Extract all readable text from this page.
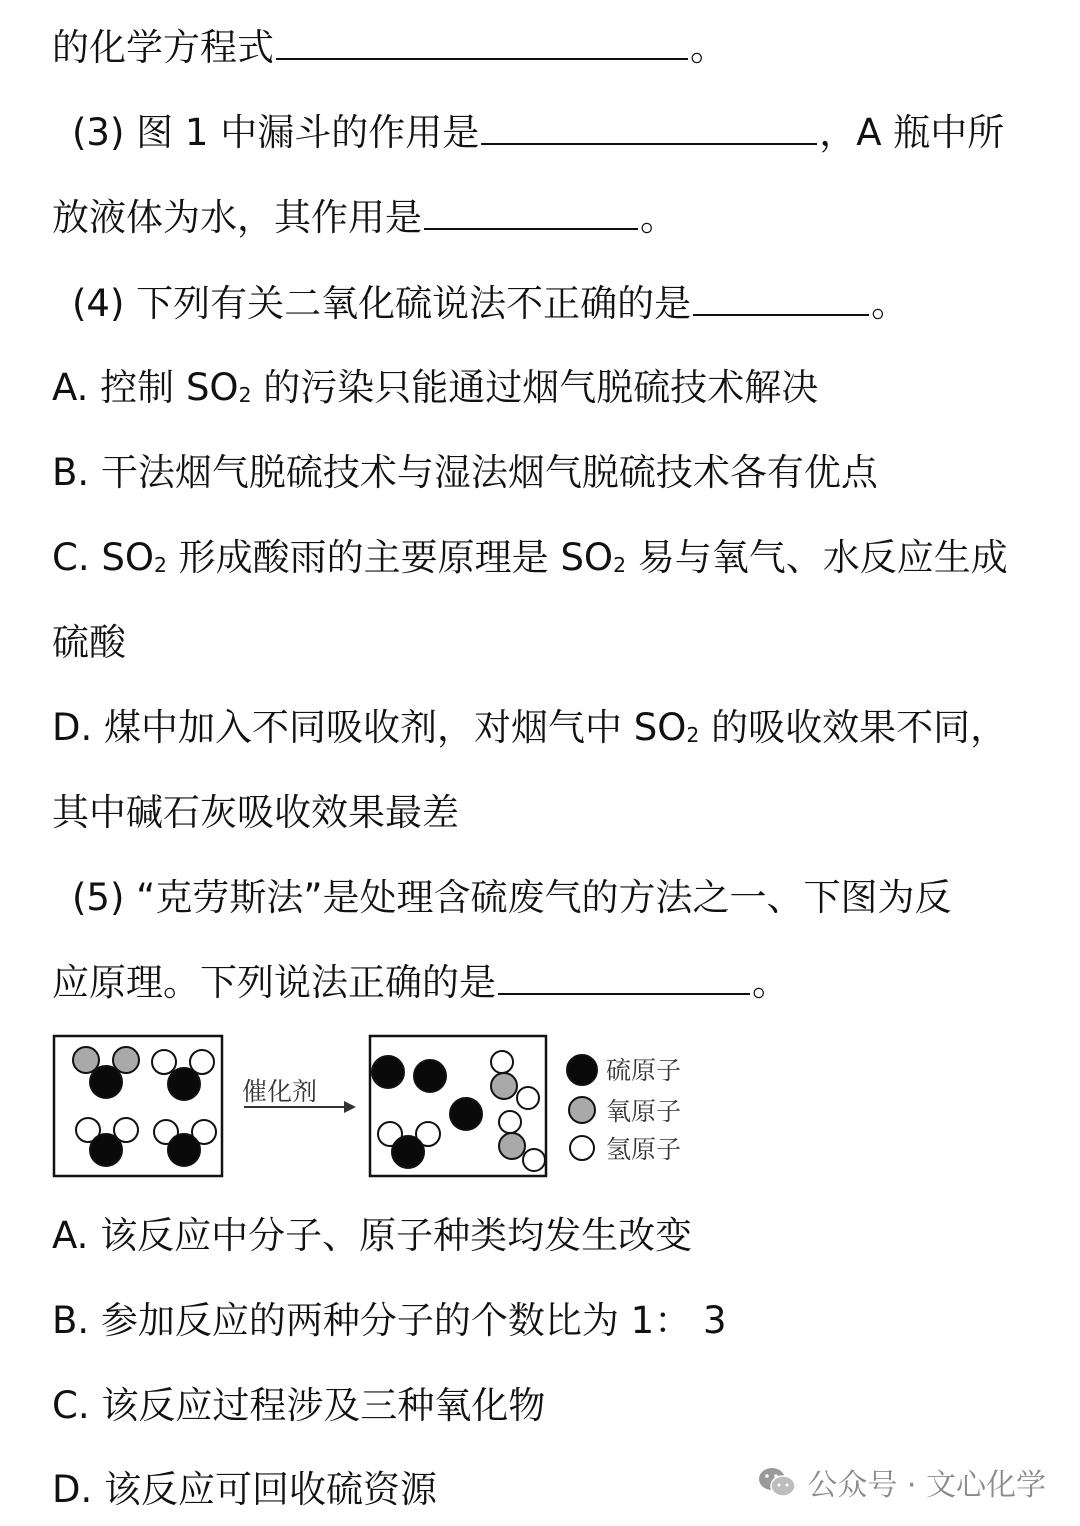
的化学方程式	。
(3) 图 1 中漏斗的作用是	，A 瓶中所
放液体为水，其作用是	。
(4) 下列有关二氧化硫说法不正确的是	。
A. 控制 $SO_2$ 的污染只能通过烟气脱硫技术解决
B. 干法烟气脱硫技术与湿法烟气脱硫技术各有优点
C. $SO_2$ 形成酸雨的主要原理是 $SO_2$ 易与氧气、水反应生成
硫酸
D. 煤中加入不同吸收剂，对烟气中 $SO_2$ 的吸收效果不同，
其中碱石灰吸收效果最差
(5) “克劳斯法”是处理含硫废气的方法之一、下图为反
应原理。下列说法正确的是	。
催化剂
硫原子
氧原子
氢原子
A. 该反应中分子、原子种类均发生改变
B. 参加反应的两种分子的个数比为 1： 3
C. 该反应过程涉及三种氧化物
D. 该反应可回收硫资源	公众号 · 文心化学
